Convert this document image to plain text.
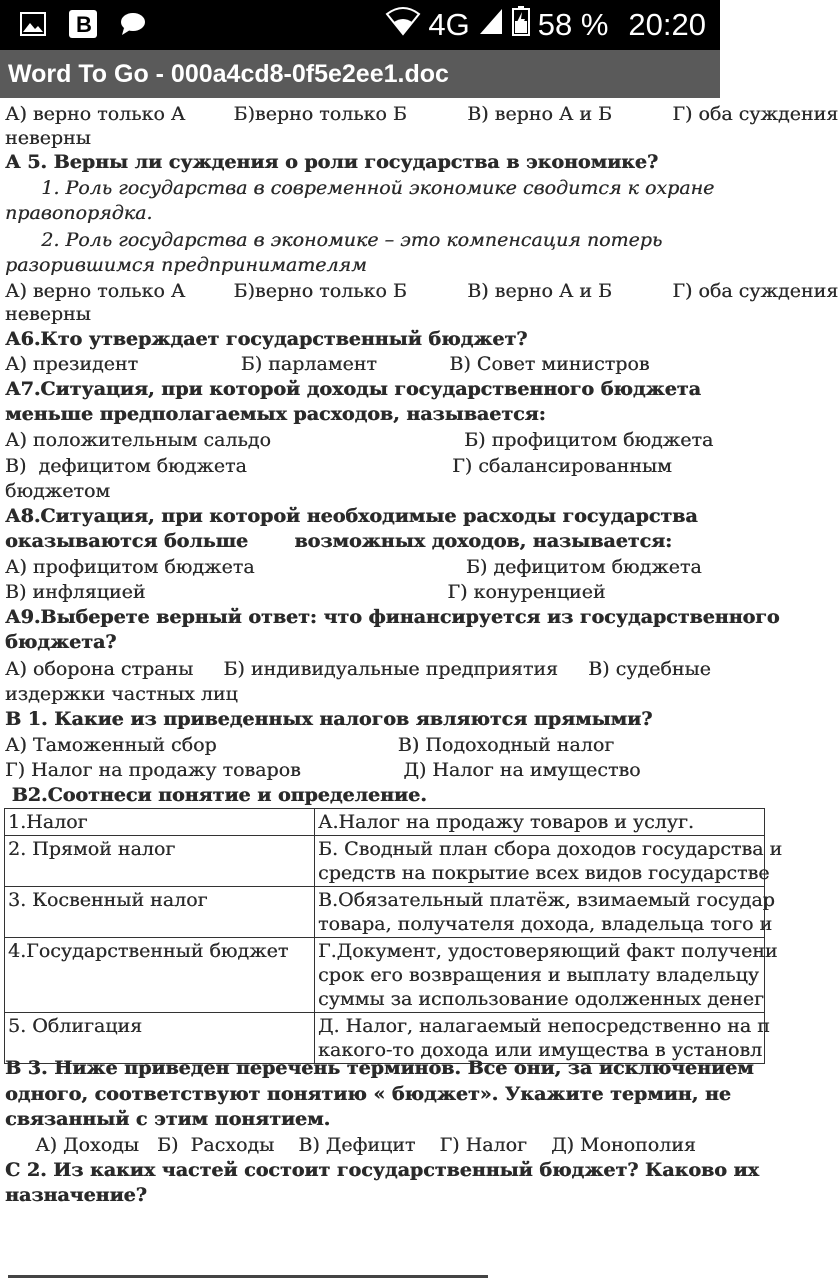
B	4G 58 % 20:20
Word To Go - 000a4cd8-0f5e2ee1.doc
А) верно только А        Б)верно только Б          В) верно А и Б          Г) оба суждения
неверны
А 5. Верны ли суждения о роли государства в экономике?
1. Роль государства в современной экономике сводится к охране
правопорядка.
2. Роль государства в экономике – это компенсация потерь
разорившимся предпринимателям
А) верно только А        Б)верно только Б          В) верно А и Б          Г) оба суждения
неверны
А6.Кто утверждает государственный бюджет?
А) президент                 Б) парламент            В) Совет министров
А7.Ситуация, при которой доходы государственного бюджета
меньше предполагаемых расходов, называется:
А) положительным сальдо                                Б) профицитом бюджета
В)  дефицитом бюджета                                  Г) сбалансированным
бюджетом
А8.Ситуация, при которой необходимые расходы государства
оказываются больше       возможных доходов, называется:
А) профицитом бюджета                                   Б) дефицитом бюджета
В) инфляцией                                                  Г) конуренцией
А9.Выберете верный ответ: что финансируется из государственного
бюджета?
А) оборона страны     Б) индивидуальные предприятия     В) судебные
издержки частных лиц
В 1. Какие из приведенных налогов являются прямыми?
А) Таможенный сбор                              В) Подоходный налог
Г) Налог на продажу товаров                 Д) Налог на имущество
В2.Соотнеси понятие и определение.
1.Налог	А.Налог на продажу товаров и услуг.
2. Прямой налог	Б. Сводный план сбора доходов государства и
средств на покрытие всех видов государстве
3. Косвенный налог	В.Обязательный платёж, взимаемый государ
товара, получателя дохода, владельца того и
4.Государственный бюджет	Г.Документ, удостоверяющий факт получени
срок его возвращения и выплату владельцу
суммы за использование одолженных денег
5. Облигация	Д. Налог, налагаемый непосредственно на п
какого-то дохода или имущества в установл
В 3. Ниже приведен перечень терминов. Все они, за исключением
одного, соответствуют понятию « бюджет». Укажите термин, не
связанный с этим понятием.
А) Доходы   Б)  Расходы    В) Дефицит    Г) Налог    Д) Монополия
С 2. Из каких частей состоит государственный бюджет? Каково их
назначение?
